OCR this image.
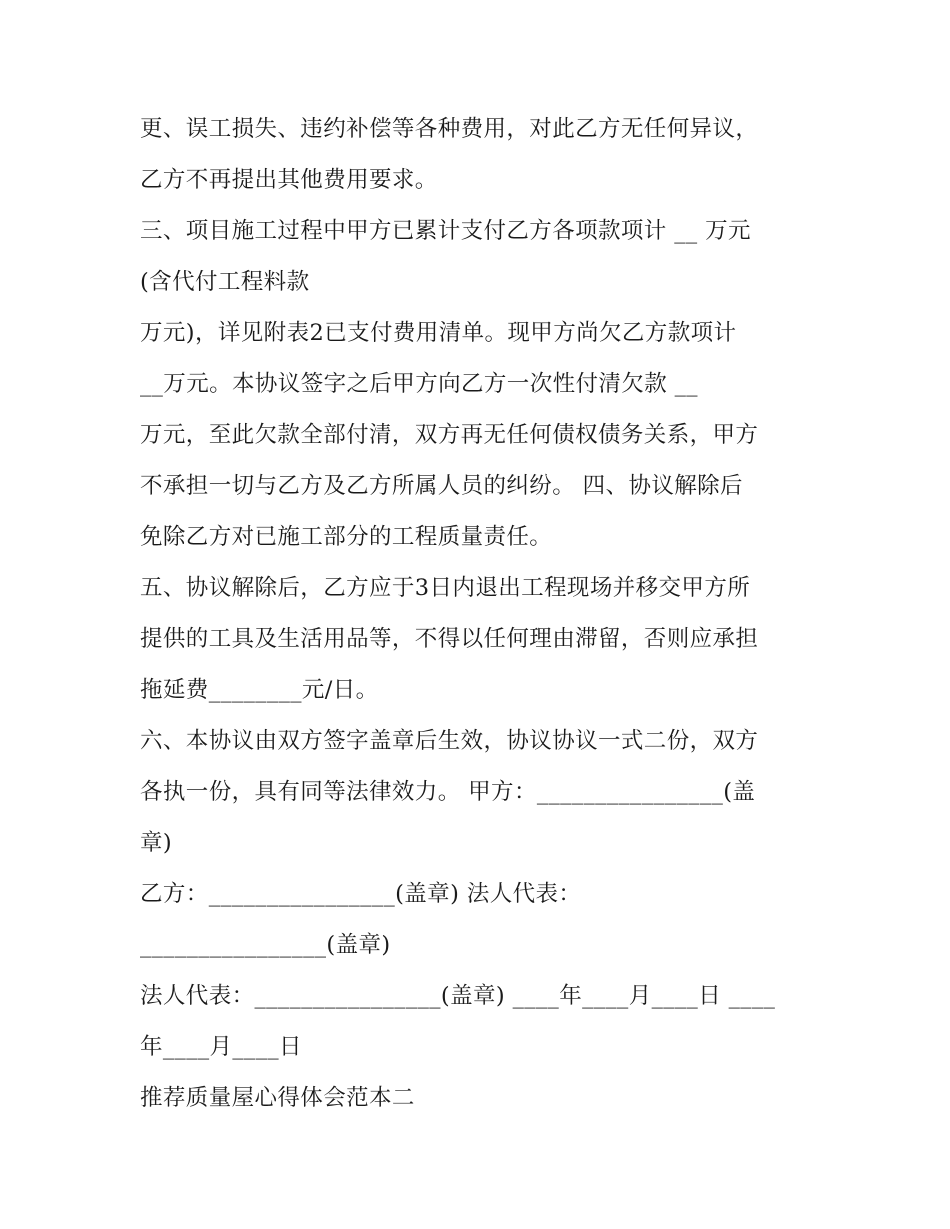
更、误工损失、违约补偿等各种费用，对此乙方无任何异议，
乙方不再提出其他费用要求。
三、项目施工过程中甲方已累计支付乙方各项款项计 __ 万元
(含代付工程料款
万元)，详见附表2已支付费用清单。现甲方尚欠乙方款项计
__万元。本协议签字之后甲方向乙方一次性付清欠款 __
万元，至此欠款全部付清，双方再无任何债权债务关系，甲方
不承担一切与乙方及乙方所属人员的纠纷。 四、协议解除后
免除乙方对已施工部分的工程质量责任。
五、协议解除后，乙方应于3日内退出工程现场并移交甲方所
提供的工具及生活用品等，不得以任何理由滞留，否则应承担
拖延费________元/日。
六、本协议由双方签字盖章后生效，协议协议一式二份，双方
各执一份，具有同等法律效力。 甲方：________________(盖
章)
乙方：________________(盖章) 法人代表：
________________(盖章)
法人代表：________________(盖章) ____年____月____日 ____
年____月____日
推荐质量屋心得体会范本二
